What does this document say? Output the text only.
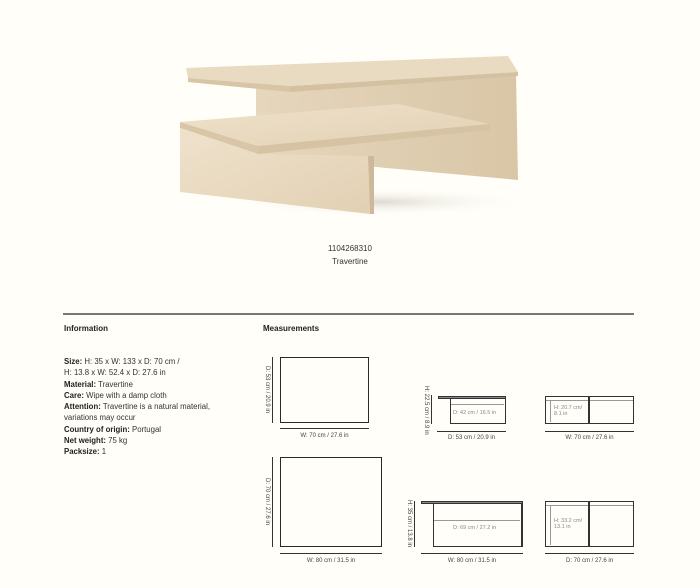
1104268310
Travertine
Information
Size: H: 35 x W: 133 x D: 70 cm /
H: 13.8 x W: 52.4 x D: 27.6 in
Material: Travertine
Care: Wipe with a damp cloth
Attention: Travertine is a natural material,
variations may occur
Country of origin: Portugal
Net weight: 75 kg
Packsize: 1
Measurements
D: 53 cm / 20.9 in
W: 70 cm / 27.6 in
H: 22.5 cm / 8.9 in	D: 42 cm / 16.5 in
D: 53 cm / 20.9 in
H: 20.7 cm/
8.1 in
W: 70 cm / 27.6 in
D: 70 cm / 27.6 in
W: 80 cm / 31.5 in
H: 35 cm / 13.8 in	D: 69 cm / 27.2 in
W: 80 cm / 31.5 in
H: 33.2 cm/
13.1 in
D: 70 cm / 27.6 in
